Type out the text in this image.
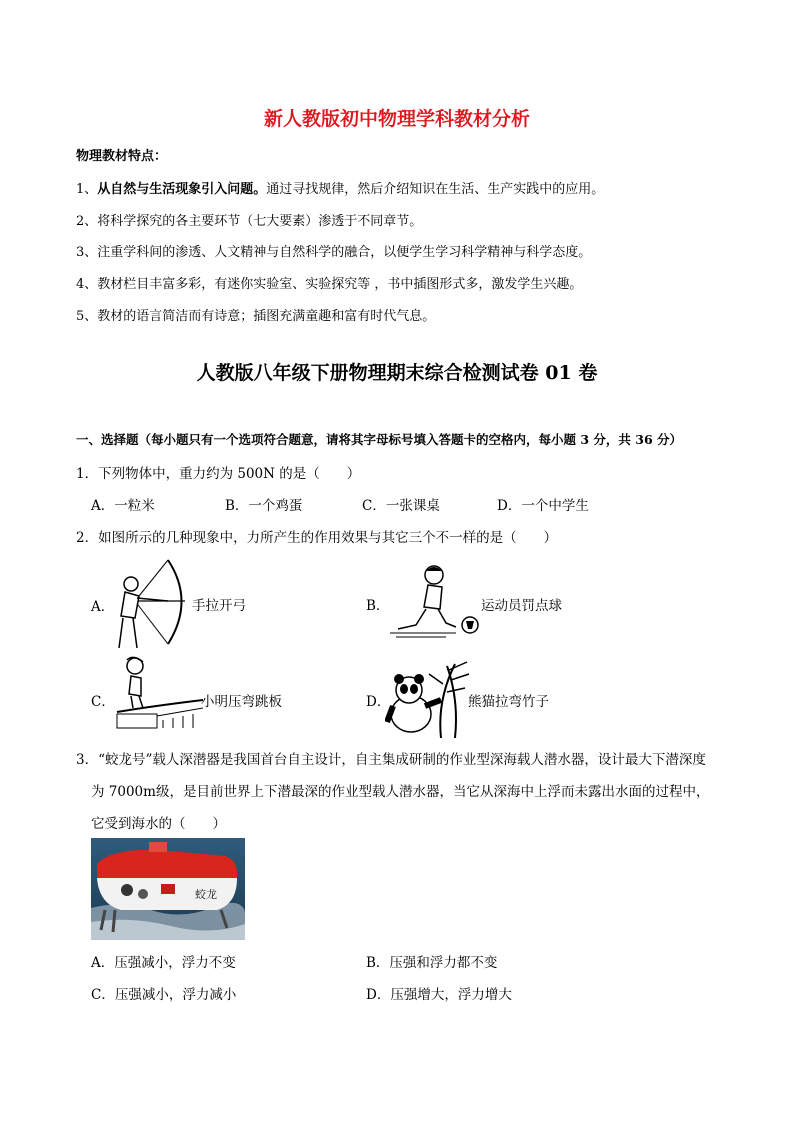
新人教版初中物理学科教材分析
物理教材特点：
1、从自然与生活现象引入问题。通过寻找规律，然后介绍知识在生活、生产实践中的应用。
2、将科学探究的各主要环节（七大要素）渗透于不同章节。
3、注重学科间的渗透、人文精神与自然科学的融合，以便学生学习科学精神与科学态度。
4、教材栏目丰富多彩，有迷你实验室、实验探究等 ，书中插图形式多，激发学生兴趣。
5、教材的语言简洁而有诗意；插图充满童趣和富有时代气息。
人教版八年级下册物理期末综合检测试卷 01 卷
一、选择题（每小题只有一个选项符合题意，请将其字母标号填入答题卡的空格内，每小题 3 分，共 36 分）
1．下列物体中，重力约为 500N 的是（　　）
A．一粒米	B．一个鸡蛋	C．一张课桌	D．一个中学生
2．如图所示的几种现象中，力所产生的作用效果与其它三个不一样的是（　　）
A．	手拉开弓	B．	运动员罚点球
C．	小明压弯跳板	D．	熊猫拉弯竹子
3．“蛟龙号”载人深潜器是我国首台自主设计，自主集成研制的作业型深海载人潜水器，设计最大下潜深度
为 7000m级，是目前世界上下潜最深的作业型载人潜水器，当它从深海中上浮而未露出水面的过程中，
它受到海水的（　　）
蛟龙
A．压强减小，浮力不变	B．压强和浮力都不变
C．压强减小，浮力减小	D．压强增大，浮力增大
